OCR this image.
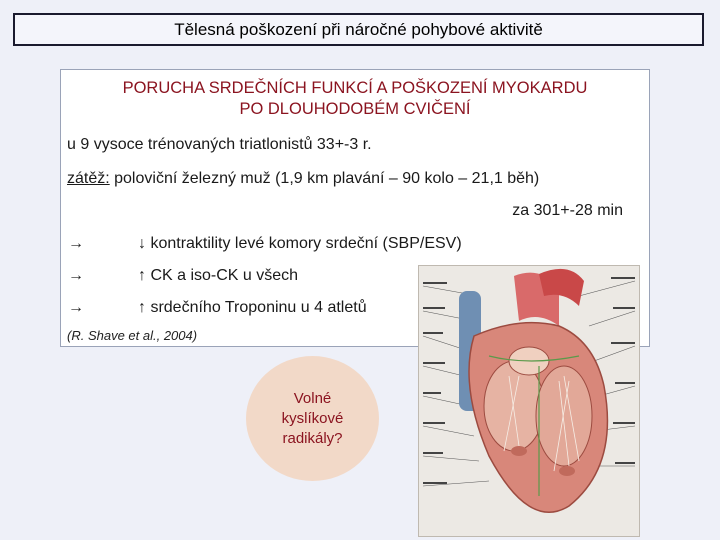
Tělesná poškození při náročné pohybové aktivitě
PORUCHA SRDEČNÍCH FUNKCÍ A POŠKOZENÍ MYOKARDU
PO DLOUHODOBÉM CVIČENÍ
u 9 vysoce trénovaných triatlonistů 33+-3 r.
zátěž: poloviční železný muž (1,9 km plavání – 90 kolo – 21,1 běh)
za 301+-28 min
→	↓ kontraktility levé komory srdeční (SBP/ESV)
→	↑ CK a iso-CK u všech
→	↑ srdečního Troponinu u 4 atletů
(R. Shave et al., 2004)
Volné
kyslíkové
radikály?
